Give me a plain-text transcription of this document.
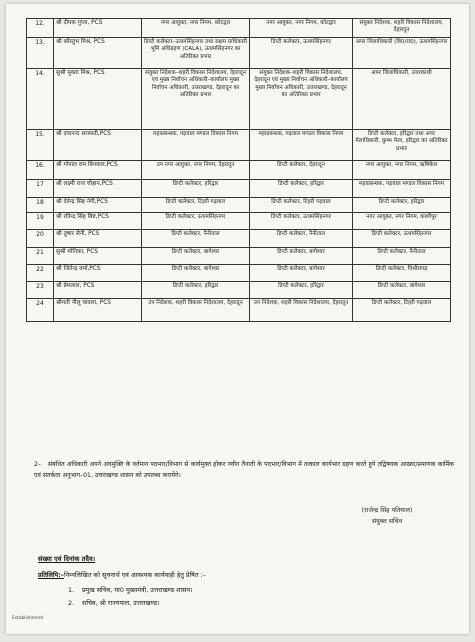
12.	श्री दीपक गुप्ता, PCS	नगर आयुक्त, नगर निगम, कोटद्वार	नगर आयुक्त, नगर निगम, कोटद्वार	संयुक्त निदेशक, शहरी विकास निदेशालय, देहरादून
13.	श्री कौस्तुभ मिश्र, PCS	डिप्टी कलेक्टर–ऊधमसिंहनगर तथा सक्षम प्राधिकारी भूमि अधिग्रहण (CALA), ऊधमसिंहनगर का अतिरिक्त प्रभार	डिप्टी कलेक्टर, ऊधमसिंहनगर	अपर जिलाधिकारी (वि0/रा0), ऊधमसिंहनगर
14.	सुश्री मुक्ता मिश्र, PCS	संयुक्त निदेशक–शहरी विकास निदेशालय, देहरादून एवं मुख्य निर्वाचन अधिकारी–कार्यालय मुख्य निर्वाचन अधिकारी, उत्तराखण्ड, देहरादून का अतिरिक्त प्रभार	संयुक्त निदेशक–शहरी विकास निदेशालय, देहरादून एवं मुख्य निर्वाचन अधिकारी–कार्यालय मुख्य निर्वाचन अधिकारी, उत्तराखण्ड, देहरादून का अतिरिक्त प्रभार	अपर जिलाधिकारी, उत्तरकाशी
15.	श्री दयानन्द सरस्वती,PCS	महाप्रबन्धक, गढ़वाल मण्डल विकास निगम	महाप्रबन्धक, गढ़वाल मण्डल विकास निगम	डिप्टी कलेक्टर, हरिद्वार तथा अपर मेलाधिकारी, कुम्भ मेला, हरिद्वार का अतिरिक्त प्रभार
16.	श्री गोपाल राम बिनवाल,PCS	उप नगर आयुक्त, नगर निगम, देहरादून	डिप्टी कलेक्टर, देहरादून	नगर आयुक्त, नगर निगम, ऋषिकेश
17	श्री लक्ष्मी राज चौहान,PCS	डिप्टी कलेक्टर, हरिद्वार	डिप्टी कलेक्टर, हरिद्वार	महाप्रबन्धक, गढ़वाल मण्डल विकास निगम
18	श्री देवेन्द्र सिंह नेगी,PCS	डिप्टी कलेक्टर, टिहरी गढ़वाल	डिप्टी कलेक्टर, टिहरी गढ़वाल	डिप्टी कलेक्टर, हरिद्वार
19	श्री रविन्द्र सिंह बिष्ट,PCS	डिप्टी कलेक्टर, ऊधमसिंहनगर	डिप्टी कलेक्टर, ऊधमसिंहनगर	नगर आयुक्त, नगर निगम, काशीपुर
20	श्री तुषार सैनी, PCS	डिप्टी कलेक्टर, नैनीताल	डिप्टी कलेक्टर, नैनीताल	डिप्टी कलेक्टर, ऊधमसिंहनगर
21	सुश्री मोनिका, PCS	डिप्टी कलेक्टर, बागेश्वर	डिप्टी कलेक्टर, बागेश्वर	डिप्टी कलेक्टर, नैनीताल
22	श्री जितेन्द्र वर्मा,PCS	डिप्टी कलेक्टर, बागेश्वर	डिप्टी कलेक्टर, बागेश्वर	डिप्टी कलेक्टर, पिथौरागढ़
23	श्री प्रेमलाल, PCS	डिप्टी कलेक्टर, हरिद्वार	डिप्टी कलेक्टर, हरिद्वार	डिप्टी कलेक्टर, बागेश्वर
24	श्रीमती नीलू चावला, PCS	उप निदेशक, शहरी विकास निदेशालय, देहरादून	उप निदेशक, शहरी विकास निदेशालय, देहरादून	डिप्टी कलेक्टर, टिहरी गढ़वाल
2– संबंधित अधिकारी अपने अवमुक्ति के वर्तमान पदभार/विभाग से कार्यमुक्त होकर नवीन तैनाती के पदभार/विभाग में तत्काल कार्यभार ग्रहण करते हुये तद्विषयक आख्या/प्रमाणक कार्मिक एवं सतर्कता अनुभाग–01, उत्तराखण्ड शासन को उपलब्ध करायेंगे।
(राजेन्द्र सिंह पतियाल)
संयुक्त सचिव
संख्या एवं दिनांक तदैव।
प्रतिलिपि:–निम्नलिखित को सूचनार्थ एवं आवश्यक कार्यवाही हेतु प्रेषित :–
1. प्रमुख सचिव, मा0 मुख्यमंत्री, उत्तराखण्ड शासन।
2. सचिव, श्री राज्यपाल, उत्तराखण्ड।
Establishment
